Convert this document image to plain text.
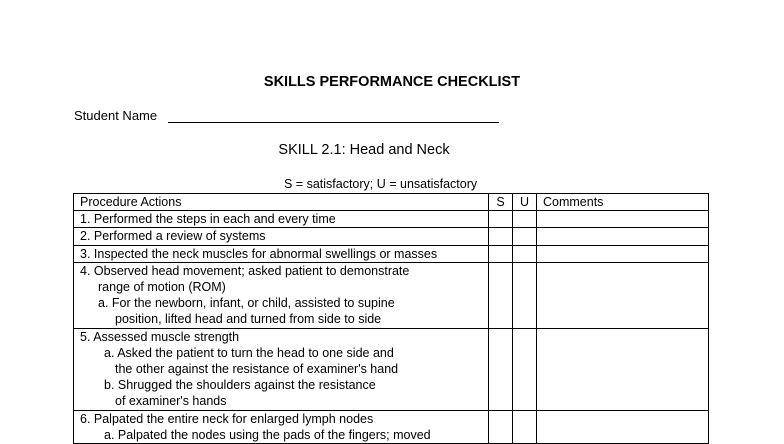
SKILLS PERFORMANCE CHECKLIST
Student Name
SKILL 2.1: Head and Neck
S = satisfactory; U = unsatisfactory
Procedure Actions	S	U	Comments
1. Performed the steps in each and every time			
2. Performed a review of systems			
3. Inspected the neck muscles for abnormal swellings or masses			

4. Observed head movement; asked patient to demonstrate
range of motion (ROM)
a. For the newborn, infant, or child, assisted to supine
position, lifted head and turned from side to side			

5. Assessed muscle strength
a. Asked the patient to turn the head to one side and
the other against the resistance of examiner's hand
b. Shrugged the shoulders against the resistance
of examiner's hands			

6. Palpated the entire neck for enlarged lymph nodes
a. Palpated the nodes using the pads of the fingers; moved			
